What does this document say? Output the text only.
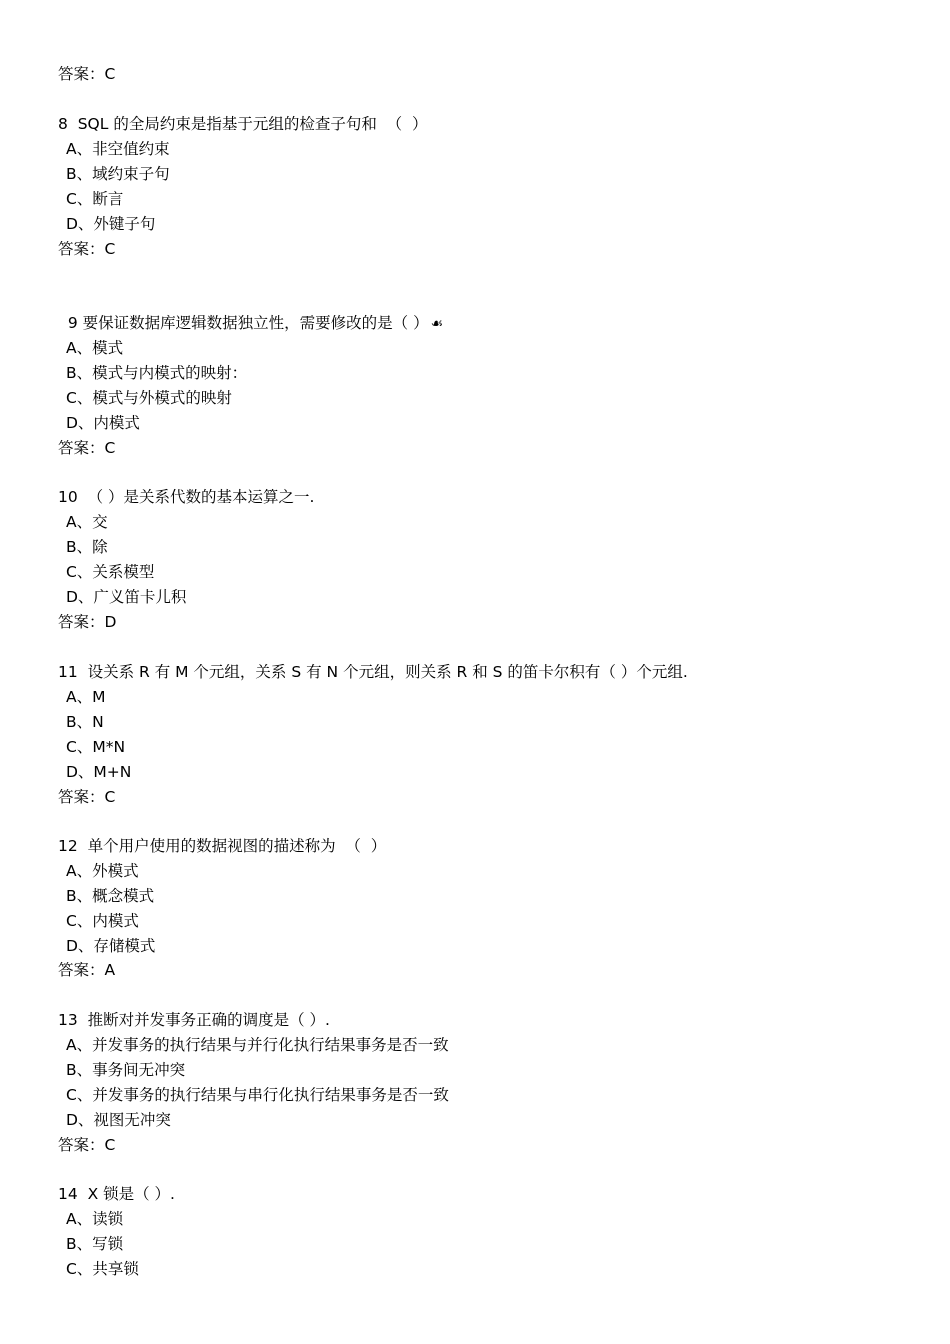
答案：C
8  SQL 的全局约束是指基于元组的检查子句和  （  ）
A、非空值约束
B、域约束子句
C、断言
D、外键子句
答案：C

9 要保证数据库逻辑数据独立性，需要修改的是（ ） ☙

A、模式
B、模式与内模式的映射：
C、模式与外模式的映射
D、内模式
答案：C
10  （ ）是关系代数的基本运算之一.
A、交
B、除
C、关系模型
D、广义笛卡儿积
答案：D
11  设关系 R 有 M 个元组，关系 S 有 N 个元组，则关系 R 和 S 的笛卡尔积有（ ）个元组.
A、M
B、N
C、M*N
D、M+N
答案：C
12  单个用户使用的数据视图的描述称为  （  ）
A、外模式
B、概念模式
C、内模式
D、存储模式
答案：A
13  推断对并发事务正确的调度是（ ）.
A、并发事务的执行结果与并行化执行结果事务是否一致
B、事务间无冲突
C、并发事务的执行结果与串行化执行结果事务是否一致
D、视图无冲突
答案：C
14  X 锁是（ ）.
A、读锁
B、写锁
C、共享锁
